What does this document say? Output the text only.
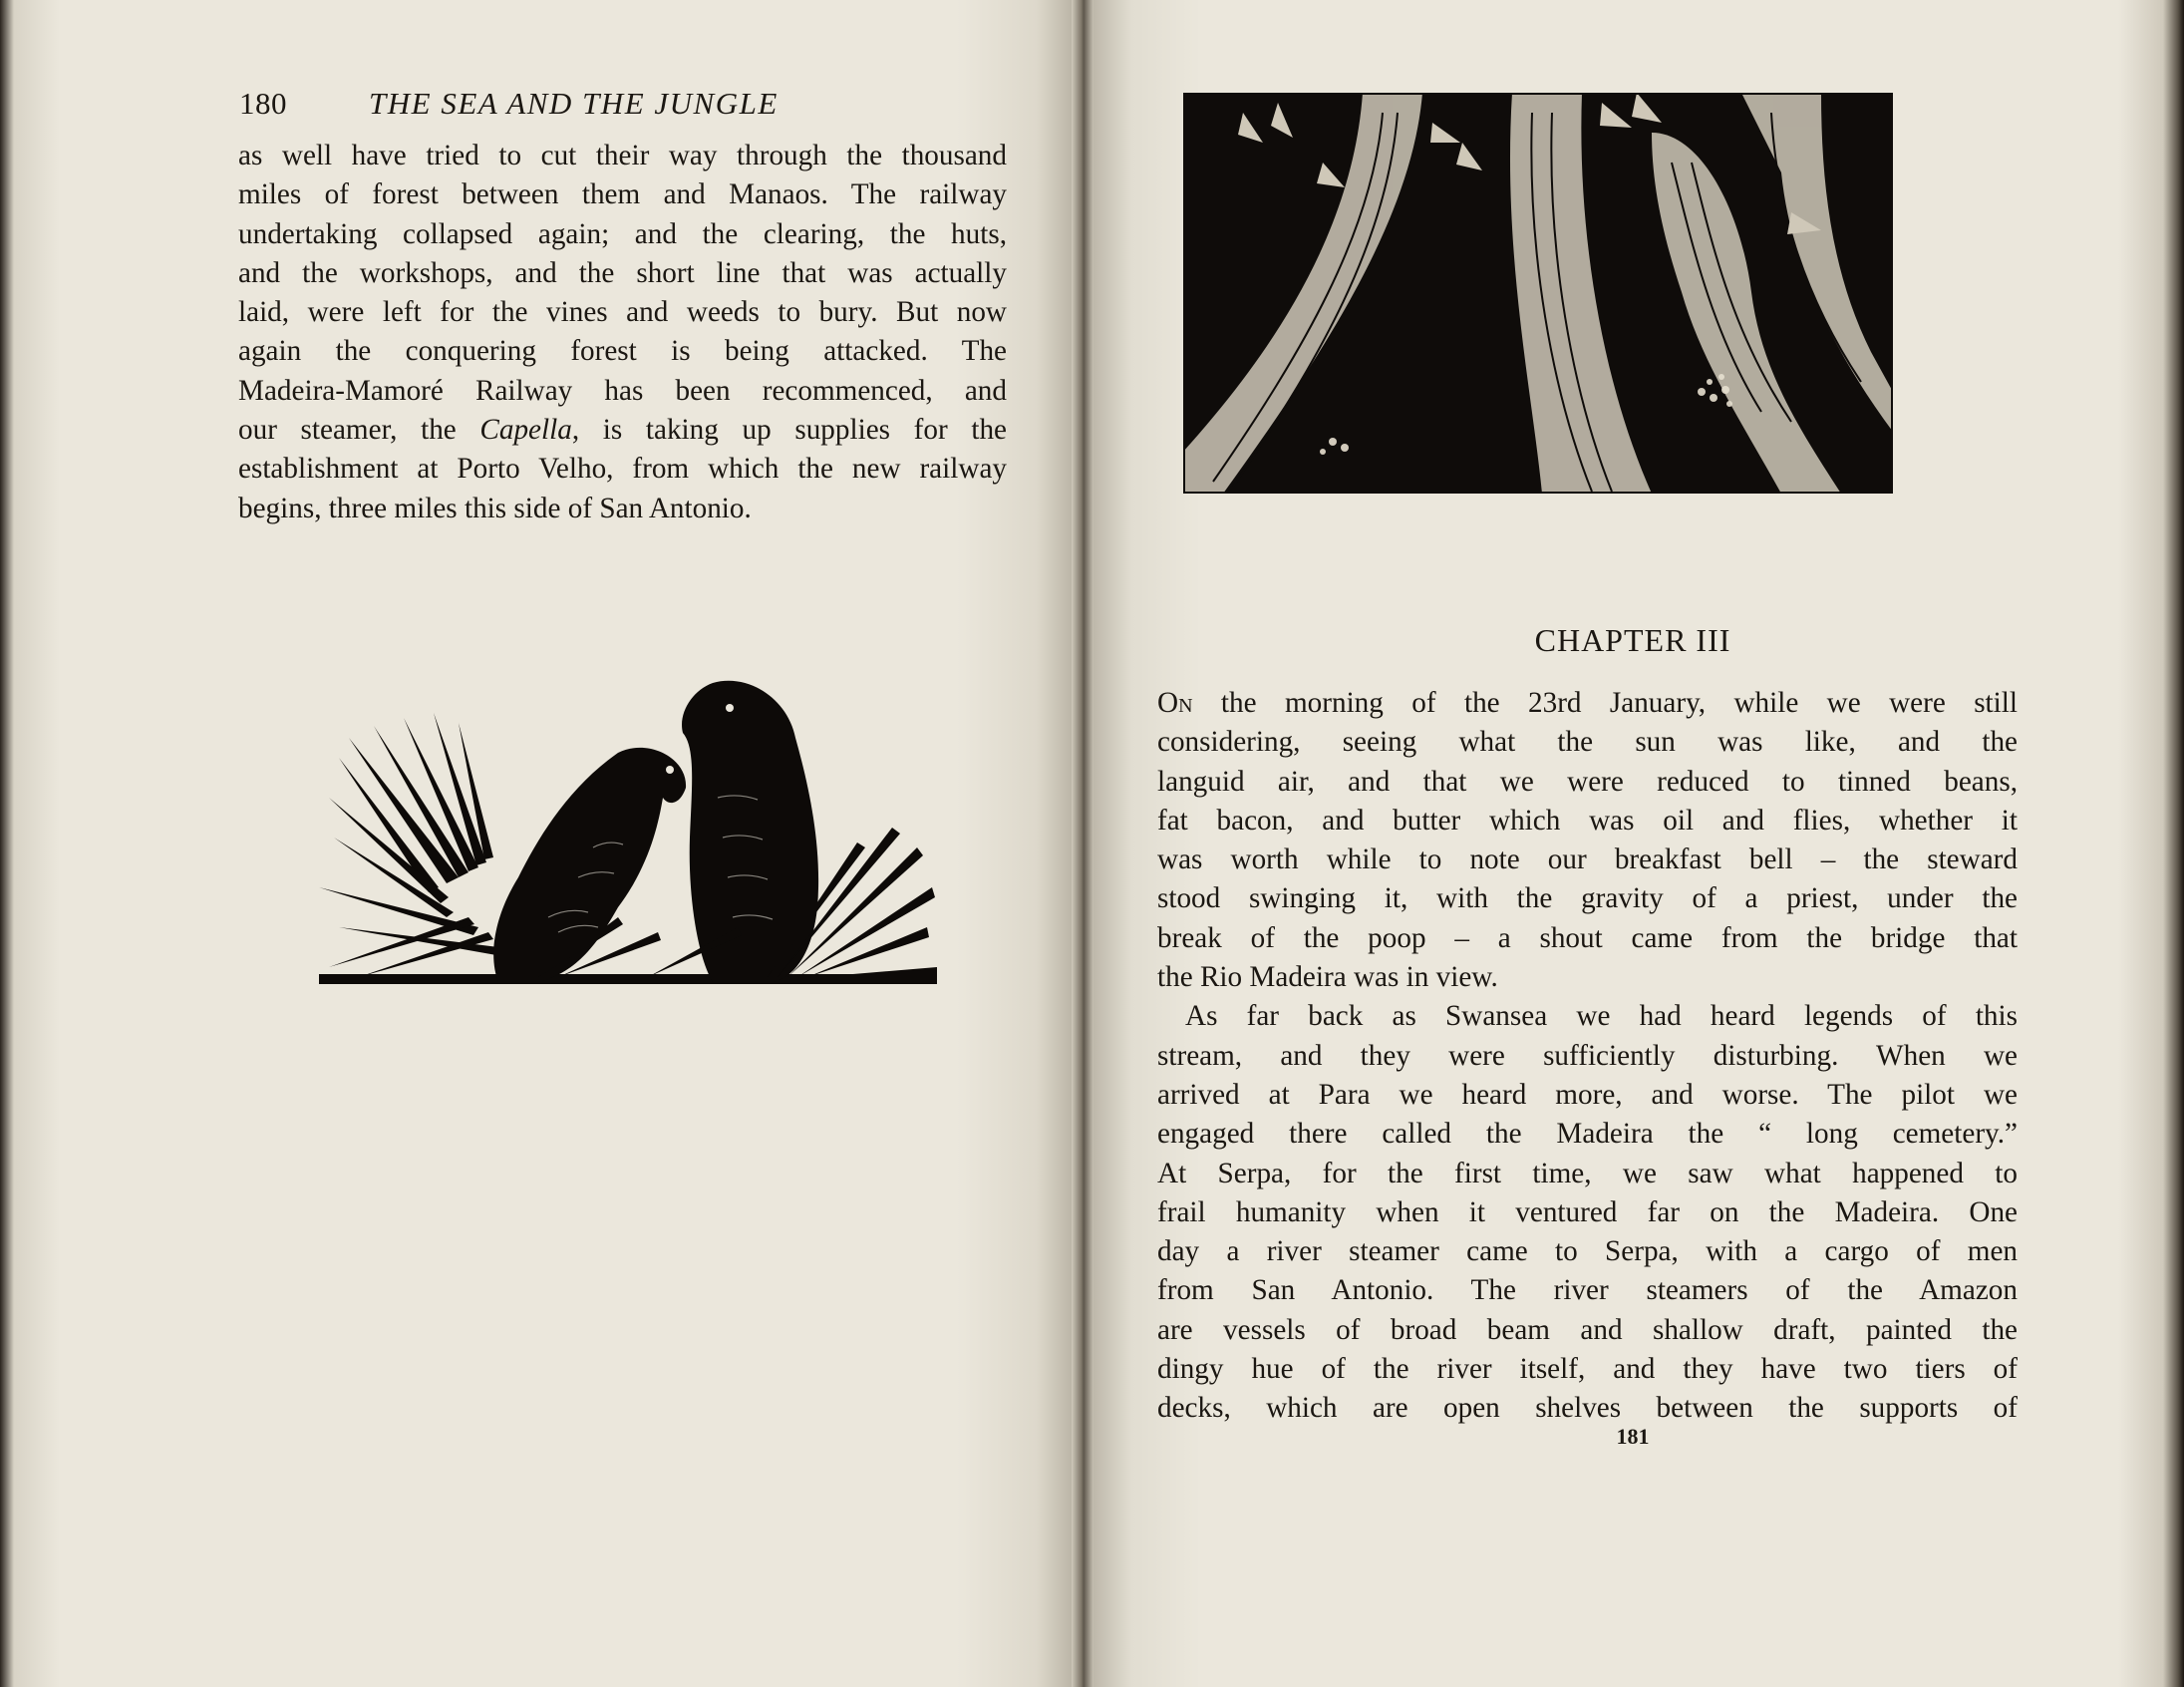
180	THE SEA AND THE JUNGLE
as well have tried to cut their way through the thousand
miles of forest between them and Manaos. The railway
undertaking collapsed again; and the clearing, the huts,
and the workshops, and the short line that was actually
laid, were left for the vines and weeds to bury. But now
again the conquering forest is being attacked. The
Madeira-Mamoré Railway has been recommenced, and
our steamer, the Capella, is taking up supplies for the
establishment at Porto Velho, from which the new railway
begins, three miles this side of San Antonio.
CHAPTER III
On the morning of the 23rd January, while we were still
considering, seeing what the sun was like, and the
languid air, and that we were reduced to tinned beans,
fat bacon, and butter which was oil and flies, whether it
was worth while to note our breakfast bell – the steward
stood swinging it, with the gravity of a priest, under the
break of the poop – a shout came from the bridge that
the Rio Madeira was in view.
As far back as Swansea we had heard legends of this
stream, and they were sufficiently disturbing. When we
arrived at Para we heard more, and worse. The pilot we
engaged there called the Madeira the “ long cemetery.”
At Serpa, for the first time, we saw what happened to
frail humanity when it ventured far on the Madeira. One
day a river steamer came to Serpa, with a cargo of men
from San Antonio. The river steamers of the Amazon
are vessels of broad beam and shallow draft, painted the
dingy hue of the river itself, and they have two tiers of
decks, which are open shelves between the supports of
181
